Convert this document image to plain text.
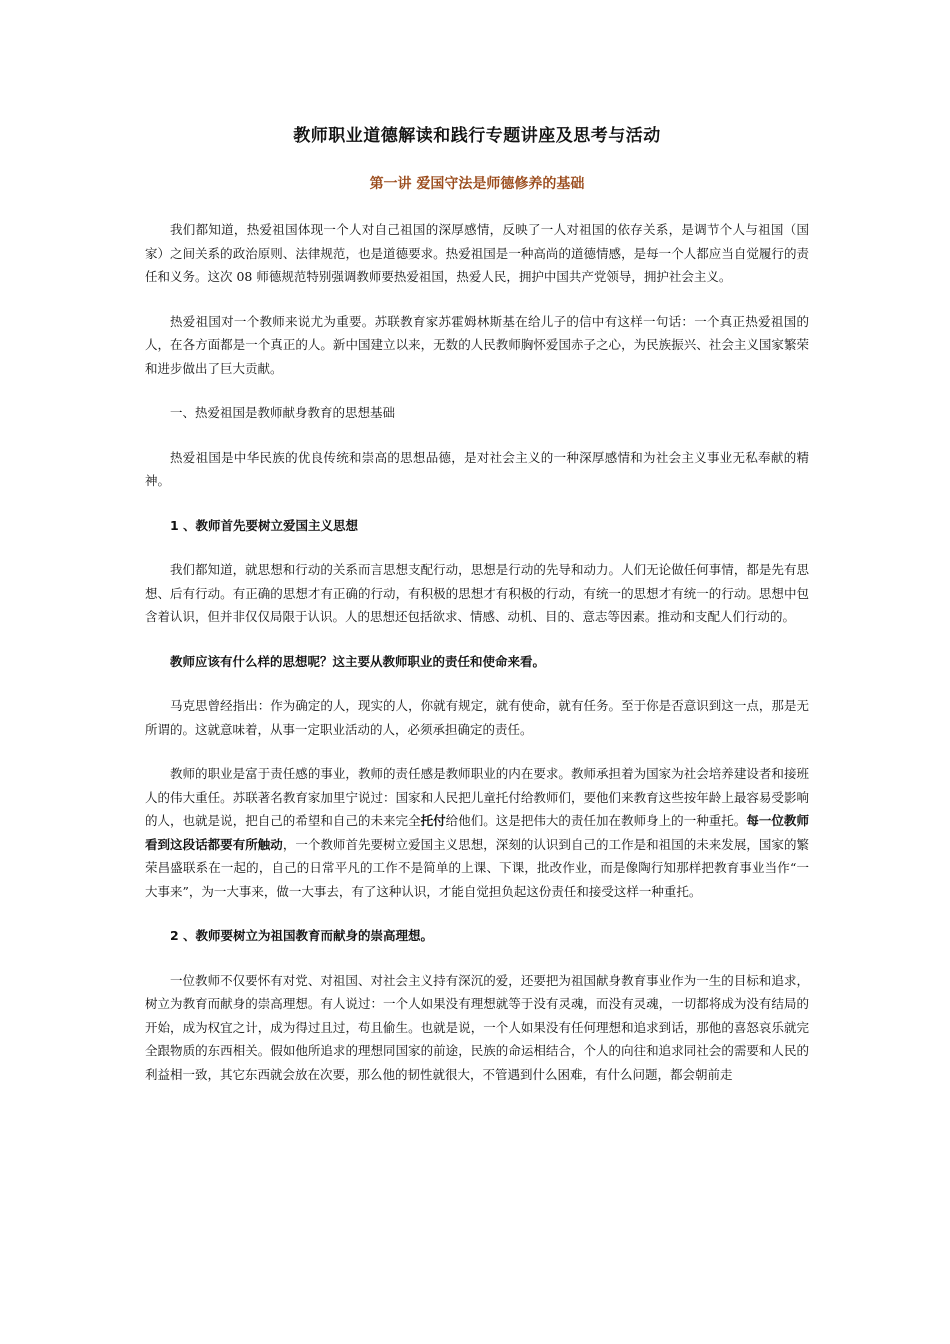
教师职业道德解读和践行专题讲座及思考与活动
第一讲 爱国守法是师德修养的基础

我们都知道，热爱祖国体现一个人对自己祖国的深厚感情，反映了一人对祖国的依存关系，是调节个人与祖国（国家）之间关系的政治原则、法律规范，也是道德要求。热爱祖国是一种高尚的道德情感，是每一个人都应当自觉履行的责任和义务。这次 08 师德规范特别强调教师要热爱祖国，热爱人民，拥护中国共产党领导，拥护社会主义。

热爱祖国对一个教师来说尤为重要。苏联教育家苏霍姆林斯基在给儿子的信中有这样一句话：一个真正热爱祖国的人，在各方面都是一个真正的人。新中国建立以来，无数的人民教师胸怀爱国赤子之心，为民族振兴、社会主义国家繁荣和进步做出了巨大贡献。

一、热爱祖国是教师献身教育的思想基础

热爱祖国是中华民族的优良传统和崇高的思想品德，是对社会主义的一种深厚感情和为社会主义事业无私奉献的精神。

1 、教师首先要树立爱国主义思想

我们都知道，就思想和行动的关系而言思想支配行动，思想是行动的先导和动力。人们无论做任何事情，都是先有思想、后有行动。有正确的思想才有正确的行动，有积极的思想才有积极的行动，有统一的思想才有统一的行动。思想中包含着认识，但并非仅仅局限于认识。人的思想还包括欲求、情感、动机、目的、意志等因素。推动和支配人们行动的。

教师应该有什么样的思想呢？这主要从教师职业的责任和使命来看。

马克思曾经指出：作为确定的人，现实的人，你就有规定，就有使命，就有任务。至于你是否意识到这一点，那是无所谓的。这就意味着，从事一定职业活动的人，必须承担确定的责任。

教师的职业是富于责任感的事业，教师的责任感是教师职业的内在要求。教师承担着为国家为社会培养建设者和接班人的伟大重任。苏联著名教育家加里宁说过：国家和人民把儿童托付给教师们，要他们来教育这些按年龄上最容易受影响的人，也就是说，把自己的希望和自己的未来完全托付给他们。这是把伟大的责任加在教师身上的一种重托。每一位教师看到这段话都要有所触动，一个教师首先要树立爱国主义思想，深刻的认识到自己的工作是和祖国的未来发展，国家的繁荣昌盛联系在一起的，自己的日常平凡的工作不是简单的上课、下课，批改作业，而是像陶行知那样把教育事业当作“一大事来”，为一大事来，做一大事去，有了这种认识，才能自觉担负起这份责任和接受这样一种重托。

2 、教师要树立为祖国教育而献身的崇高理想。

一位教师不仅要怀有对党、对祖国、对社会主义持有深沉的爱，还要把为祖国献身教育事业作为一生的目标和追求，树立为教育而献身的崇高理想。有人说过：一个人如果没有理想就等于没有灵魂，而没有灵魂，一切都将成为没有结局的开始，成为权宜之计，成为得过且过，苟且偷生。也就是说，一个人如果没有任何理想和追求到话，那他的喜怒哀乐就完全跟物质的东西相关。假如他所追求的理想同国家的前途，民族的命运相结合，个人的向往和追求同社会的需要和人民的利益相一致，其它东西就会放在次要，那么他的韧性就很大，不管遇到什么困难，有什么问题，都会朝前走
